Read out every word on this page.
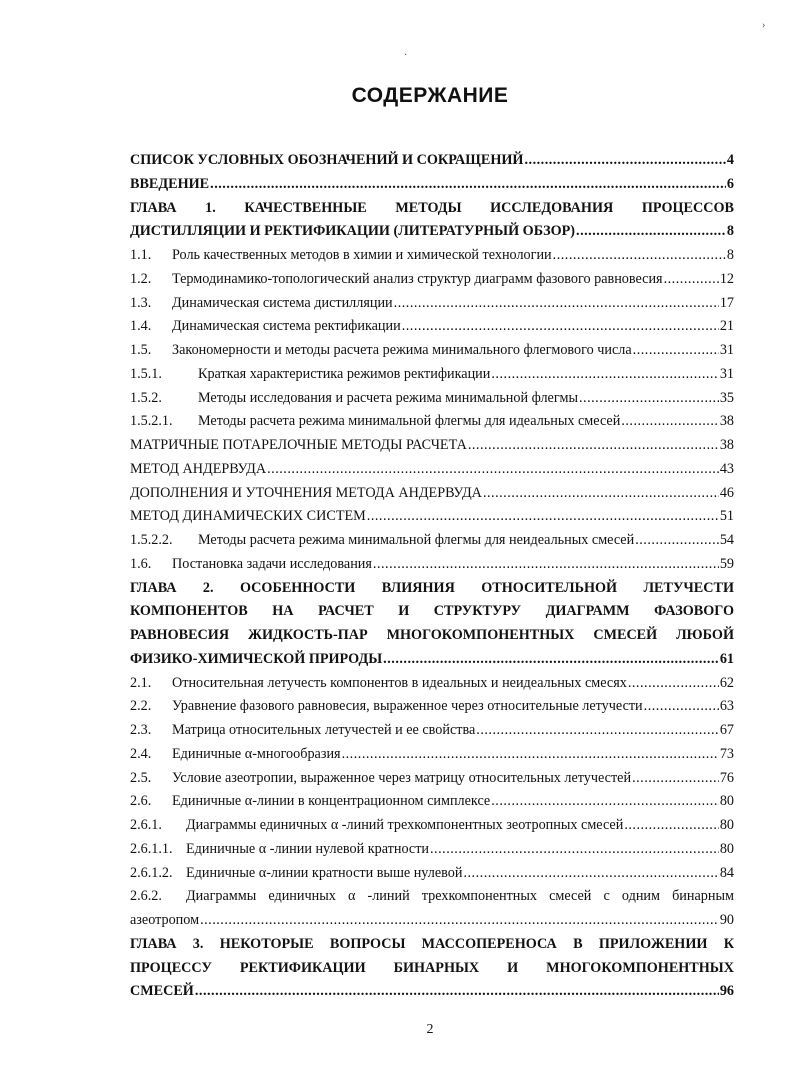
·
›
СОДЕРЖАНИЕ
СПИСОК УСЛОВНЫХ ОБОЗНАЧЕНИЙ И СОКРАЩЕНИЙ .....	4
ВВЕДЕНИЕ .....	6
ГЛАВА 1. КАЧЕСТВЕННЫЕ МЕТОДЫ ИССЛЕДОВАНИЯ ПРОЦЕССОВ
ДИСТИЛЛЯЦИИ И РЕКТИФИКАЦИИ (ЛИТЕРАТУРНЫЙ ОБЗОР) .....	8
1.1.	Роль качественных методов в химии и химической технологии .....	8
1.2.	Термодинамико-топологический анализ структур диаграмм фазового равновесия .....	12
1.3.	Динамическая система дистилляции .....	17
1.4.	Динамическая система ректификации .....	21
1.5.	Закономерности и методы расчета режима минимального флегмового числа .....	31
1.5.1.	Краткая характеристика режимов ректификации .....	31
1.5.2.	Методы исследования и расчета режима минимальной флегмы .....	35
1.5.2.1.	Методы расчета режима минимальной флегмы для идеальных смесей .....	38
МАТРИЧНЫЕ ПОТАРЕЛОЧНЫЕ МЕТОДЫ РАСЧЕТА .....	38
МЕТОД АНДЕРВУДА .....	43
ДОПОЛНЕНИЯ И УТОЧНЕНИЯ МЕТОДА АНДЕРВУДА .....	46
МЕТОД ДИНАМИЧЕСКИХ СИСТЕМ .....	51
1.5.2.2.	Методы расчета режима минимальной флегмы для неидеальных смесей .....	54
1.6.	Постановка задачи исследования .....	59
ГЛАВА 2. ОСОБЕННОСТИ ВЛИЯНИЯ ОТНОСИТЕЛЬНОЙ ЛЕТУЧЕСТИ
КОМПОНЕНТОВ НА РАСЧЕТ И СТРУКТУРУ ДИАГРАММ ФАЗОВОГО
РАВНОВЕСИЯ ЖИДКОСТЬ-ПАР МНОГОКОМПОНЕНТНЫХ СМЕСЕЙ ЛЮБОЙ
ФИЗИКО-ХИМИЧЕСКОЙ ПРИРОДЫ .....	61
2.1.	Относительная летучесть компонентов в идеальных и неидеальных смесях .....	62
2.2.	Уравнение фазового равновесия, выраженное через относительные летучести .....	63
2.3.	Матрица относительных летучестей и ее свойства .....	67
2.4.	Единичные α-многообразия .....	73
2.5.	Условие азеотропии, выраженное через матрицу относительных летучестей .....	76
2.6.	Единичные α-линии в концентрационном симплексе .....	80
2.6.1.	Диаграммы единичных α -линий трехкомпонентных зеотропных смесей .....	80
2.6.1.1. Единичные α -линии нулевой кратности .....	80
2.6.1.2. Единичные α-линии кратности выше нулевой .....	84
2.6.2. Диаграммы единичных α -линий трехкомпонентных смесей с одним бинарным
азеотропом .....	90
ГЛАВА 3. НЕКОТОРЫЕ ВОПРОСЫ МАССОПЕРЕНОСА В ПРИЛОЖЕНИИ К
ПРОЦЕССУ РЕКТИФИКАЦИИ БИНАРНЫХ И МНОГОКОМПОНЕНТНЫХ
СМЕСЕЙ .....	96
2
